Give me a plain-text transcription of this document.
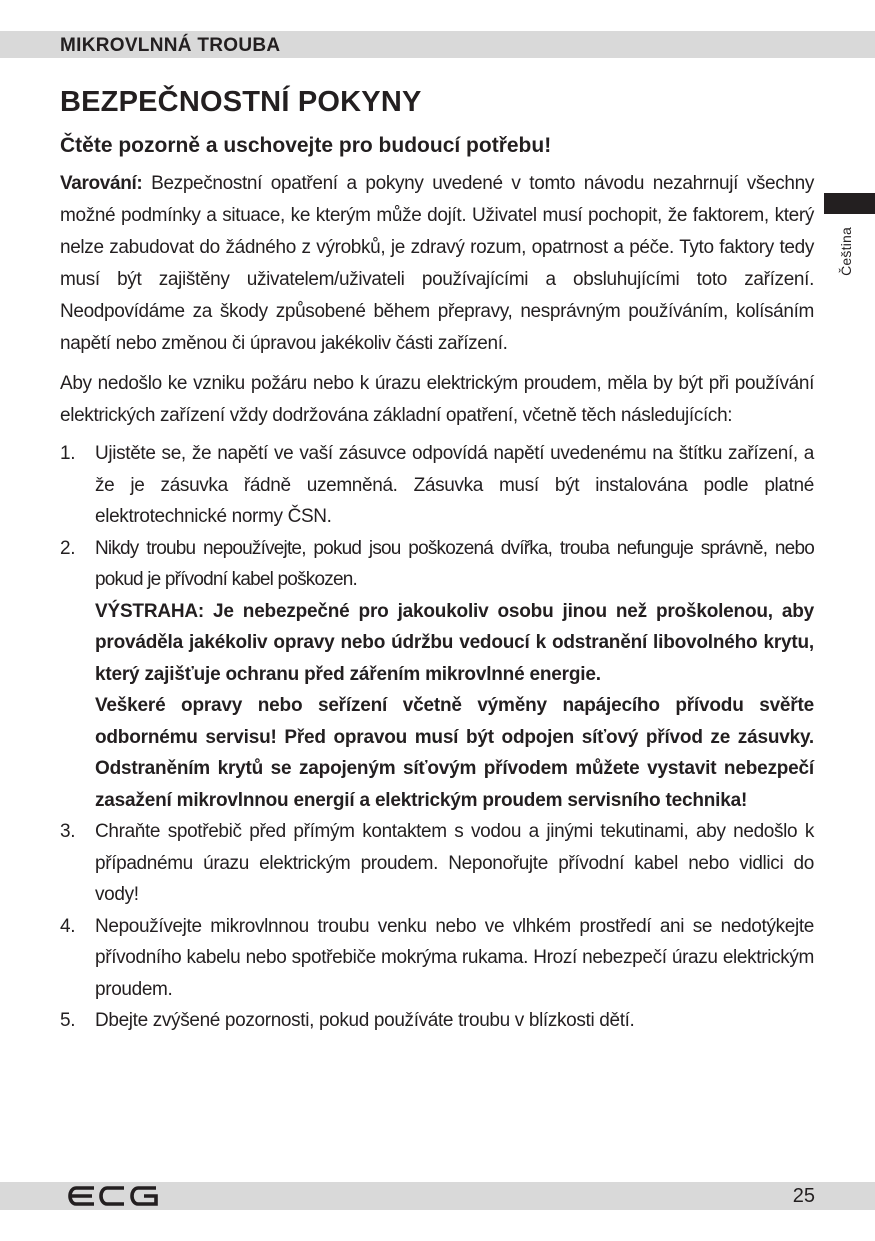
MIKROVLNNÁ TROUBA
Čeština
BEZPEČNOSTNÍ POKYNY
Čtěte pozorně a uschovejte pro budoucí potřebu!

Varování: Bezpečnostní opatření a pokyny uvedené v tomto návodu nezahrnují všechny možné podmínky a situace, ke kterým může dojít. Uživatel musí pochopit, že faktorem, který nelze zabudovat do žádného z výrobků, je zdravý rozum, opatrnost a péče. Tyto faktory tedy musí být zajištěny uživatelem/uživateli používajícími a obsluhujícími toto zařízení. Neodpovídáme za škody způsobené během přepravy, nesprávným používáním, kolísáním napětí nebo změnou či úpravou jakékoliv části zařízení.

Aby nedošlo ke vzniku požáru nebo k úrazu elektrickým proudem, měla by být při používání elektrických zařízení vždy dodržována základní opatření, včetně těch následujících:

1. Ujistěte se, že napětí ve vaší zásuvce odpovídá napětí uvedenému na štítku zařízení, a že je zásuvka řádně uzemněná. Zásuvka musí být instalována podle platné elektrotechnické normy ČSN.
2. Nikdy troubu nepoužívejte, pokud jsou poškozená dvířka, trouba nefunguje správně, nebo pokud je přívodní kabel poškozen.
VÝSTRAHA: Je nebezpečné pro jakoukoliv osobu jinou než proškolenou, aby prováděla jakékoliv opravy nebo údržbu vedoucí k odstranění libovolného krytu, který zajišťuje ochranu před zářením mikrovlnné energie.
Veškeré opravy nebo seřízení včetně výměny napájecího přívodu svěřte odbornému servisu! Před opravou musí být odpojen síťový přívod ze zásuvky. Odstraněním krytů se zapojeným síťovým přívodem můžete vystavit nebezpečí zasažení mikrovlnnou energií a elektrickým proudem servisního technika!
3. Chraňte spotřebič před přímým kontaktem s vodou a jinými tekutinami, aby nedošlo k případnému úrazu elektrickým proudem. Neponořujte přívodní kabel nebo vidlici do vody!
4. Nepoužívejte mikrovlnnou troubu venku nebo ve vlhkém prostředí ani se nedotýkejte přívodního kabelu nebo spotřebiče mokrýma rukama. Hrozí nebezpečí úrazu elektrickým proudem.
5. Dbejte zvýšené pozornosti, pokud používáte troubu v blízkosti dětí.
25
